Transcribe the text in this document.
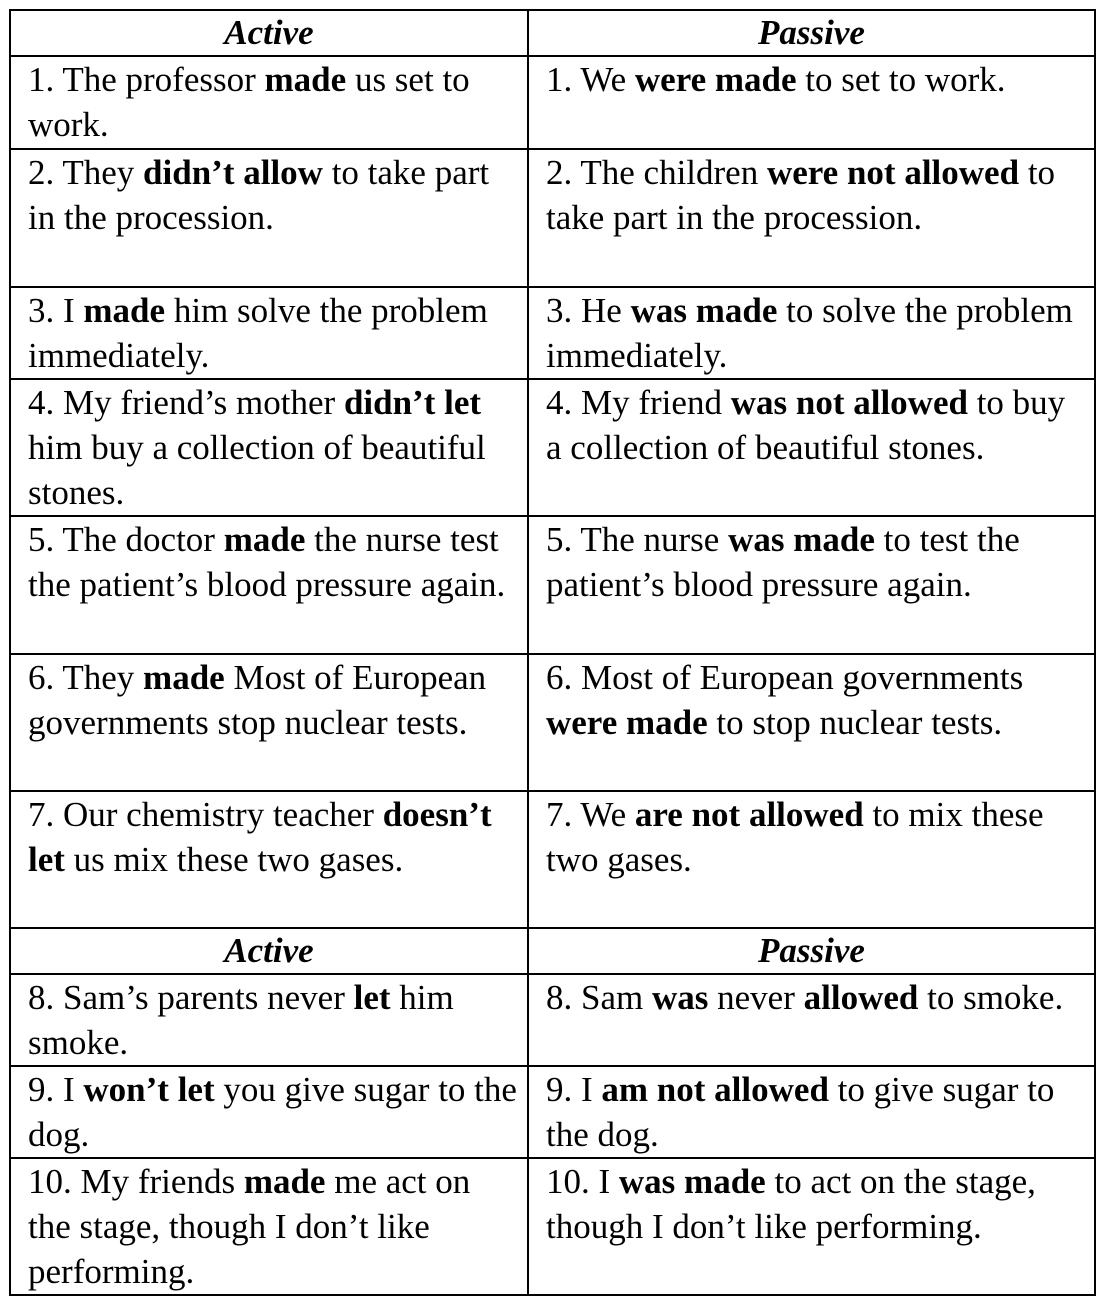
Active	Passive
1. The professor made us set to work.	1. We were made to set to work.
2. They didn’t allow to take part in the procession.	2. The children were not allowed to take part in the procession.
3. I made him solve the problem immediately.	3. He was made to solve the problem immediately.
4. My friend’s mother didn’t let him buy a collection of beautiful stones.	4. My friend was not allowed to buy a collection of beautiful stones.
5. The doctor made the nurse test the patient’s blood pressure again.	5. The nurse was made to test the patient’s blood pressure again.
6. They made Most of European governments stop nuclear tests.	6. Most of European governments were made to stop nuclear tests.
7. Our chemistry teacher doesn’t let us mix these two gases.	7. We are not allowed to mix these two gases.
Active	Passive
8. Sam’s parents never let him smoke.	8. Sam was never allowed to smoke.
9. I won’t let you give sugar to the dog.	9. I am not allowed to give sugar to the dog.
10. My friends made me act on the stage, though I don’t like performing.	10. I was made to act on the stage, though I don’t like performing.
